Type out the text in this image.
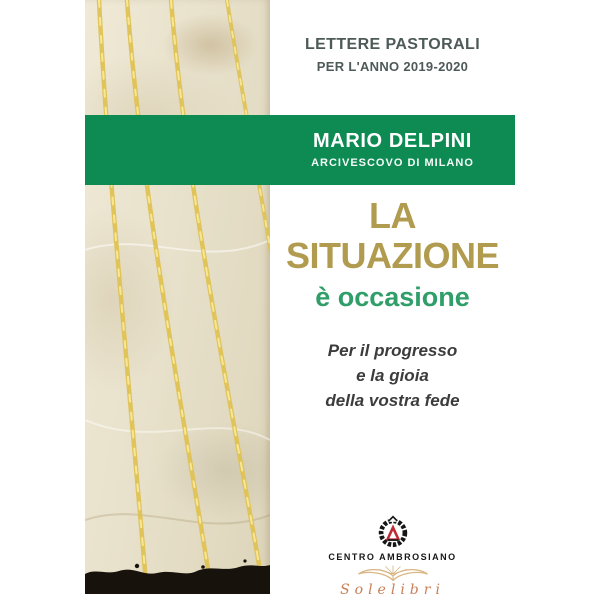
LETTERE PASTORALI
PER L'ANNO 2019-2020
MARIO DELPINI
ARCIVESCOVO DI MILANO
LA
SITUAZIONE
è occasione
Per il progresso
e la gioia
della vostra fede
CENTRO AMBROSIANO
Solelibri
